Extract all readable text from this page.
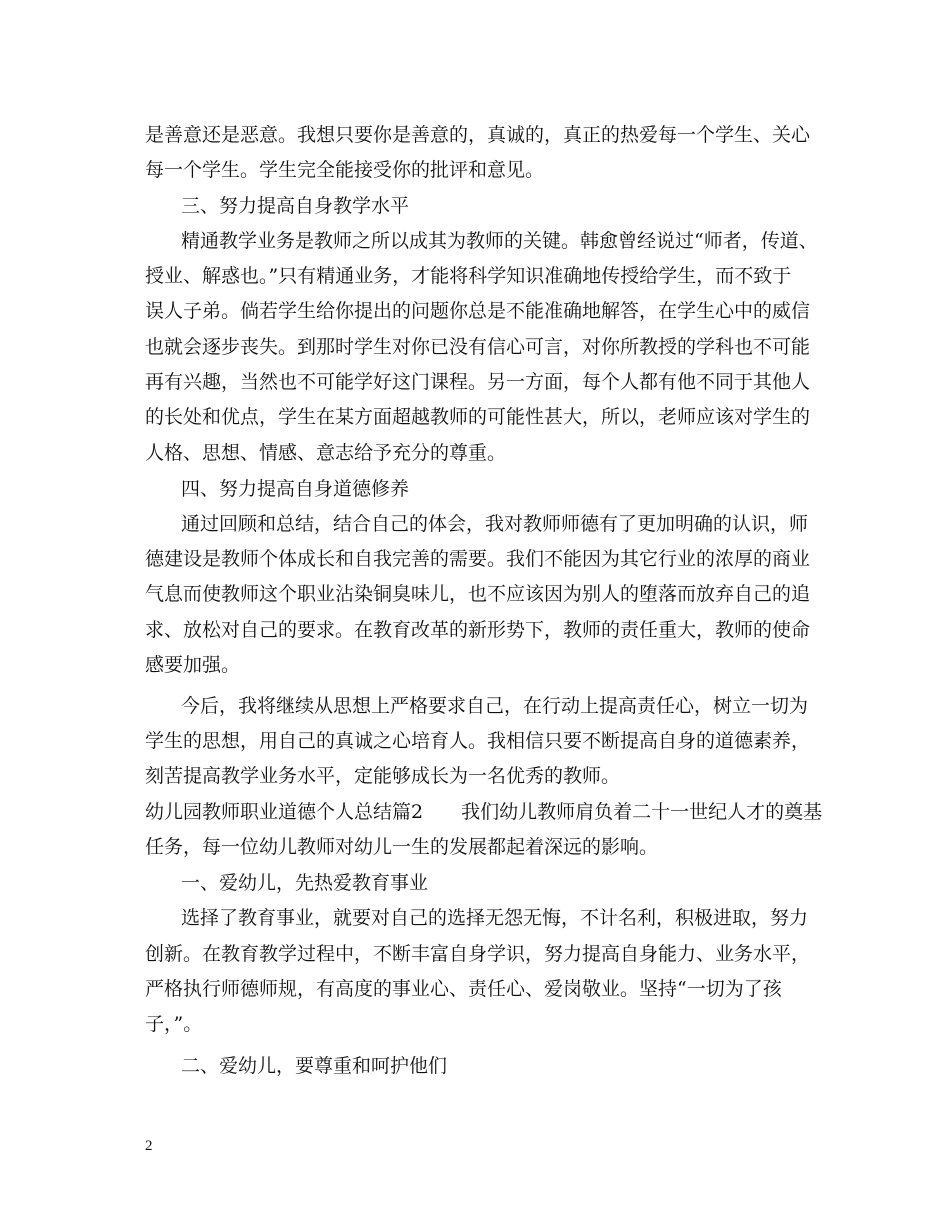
是善意还是恶意。我想只要你是善意的，真诚的，真正的热爱每一个学生、关心
每一个学生。学生完全能接受你的批评和意见。
三、努力提高自身教学水平
精通教学业务是教师之所以成其为教师的关键。韩愈曾经说过“师者，传道、
授业、解惑也。”只有精通业务，才能将科学知识准确地传授给学生，而不致于
误人子弟。倘若学生给你提出的问题你总是不能准确地解答，在学生心中的威信
也就会逐步丧失。到那时学生对你已没有信心可言，对你所教授的学科也不可能
再有兴趣，当然也不可能学好这门课程。另一方面，每个人都有他不同于其他人
的长处和优点，学生在某方面超越教师的可能性甚大，所以，老师应该对学生的
人格、思想、情感、意志给予充分的尊重。
四、努力提高自身道德修养
通过回顾和总结，结合自己的体会，我对教师师德有了更加明确的认识，师
德建设是教师个体成长和自我完善的需要。我们不能因为其它行业的浓厚的商业
气息而使教师这个职业沾染铜臭味儿，也不应该因为别人的堕落而放弃自己的追
求、放松对自己的要求。在教育改革的新形势下，教师的责任重大，教师的使命
感要加强。
今后，我将继续从思想上严格要求自己，在行动上提高责任心，树立一切为
学生的思想，用自己的真诚之心培育人。我相信只要不断提高自身的道德素养，
刻苦提高教学业务水平，定能够成长为一名优秀的教师。
幼儿园教师职业道德个人总结篇2　　我们幼儿教师肩负着二十一世纪人才的奠基
任务，每一位幼儿教师对幼儿一生的发展都起着深远的影响。
一、爱幼儿，先热爱教育事业
选择了教育事业，就要对自己的选择无怨无悔，不计名利，积极进取，努力
创新。在教育教学过程中，不断丰富自身学识，努力提高自身能力、业务水平，
严格执行师德师规，有高度的事业心、责任心、爱岗敬业。坚持“一切为了孩
子，”。
二、爱幼儿，要尊重和呵护他们
2
